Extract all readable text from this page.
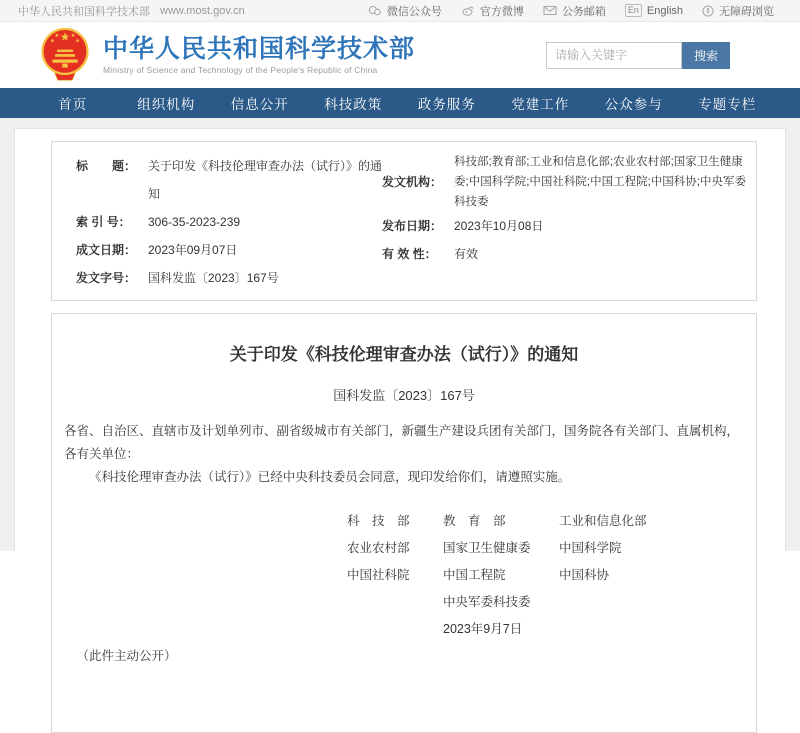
中华人民共和国科学技术部 www.most.gov.cn	微信公众号	官方微博	公务邮箱	En English	无障碍浏览
中华人民共和国科学技术部
Ministry of Science and Technology of the People's Republic of China
请输入关键字
搜索
首页	组织机构	信息公开	科技政策	政务服务	党建工作	公众参与	专题专栏
标　　题： 关于印发《科技伦理审查办法（试行）》的通知
索 引 号：	306-35-2023-239
成文日期： 2023年09月07日
发文字号： 国科发监〔2023〕167号
发文机构：
科技部;教育部;工业和信息化部;农业农村部;国家卫生健康委;中国科学院;中国社科院;中国工程院;中国科协;中央军委科技委
发布日期： 2023年10月08日
有 效 性：	有效
关于印发《科技伦理审查办法（试行）》的通知
国科发监〔2023〕167号

各省、自治区、直辖市及计划单列市、副省级城市有关部门，新疆生产建设兵团有关部门，国务院各有关部门、直属机构，各有关单位：

《科技伦理审查办法（试行）》已经中央科技委员会同意，现印发给你们，请遵照实施。

科　技　部	教　育　部	工业和信息化部
农业农村部	国家卫生健康委	中国科学院
中国社科院	中国工程院	中国科协
中央军委科技委
2023年9月7日
（此件主动公开）
